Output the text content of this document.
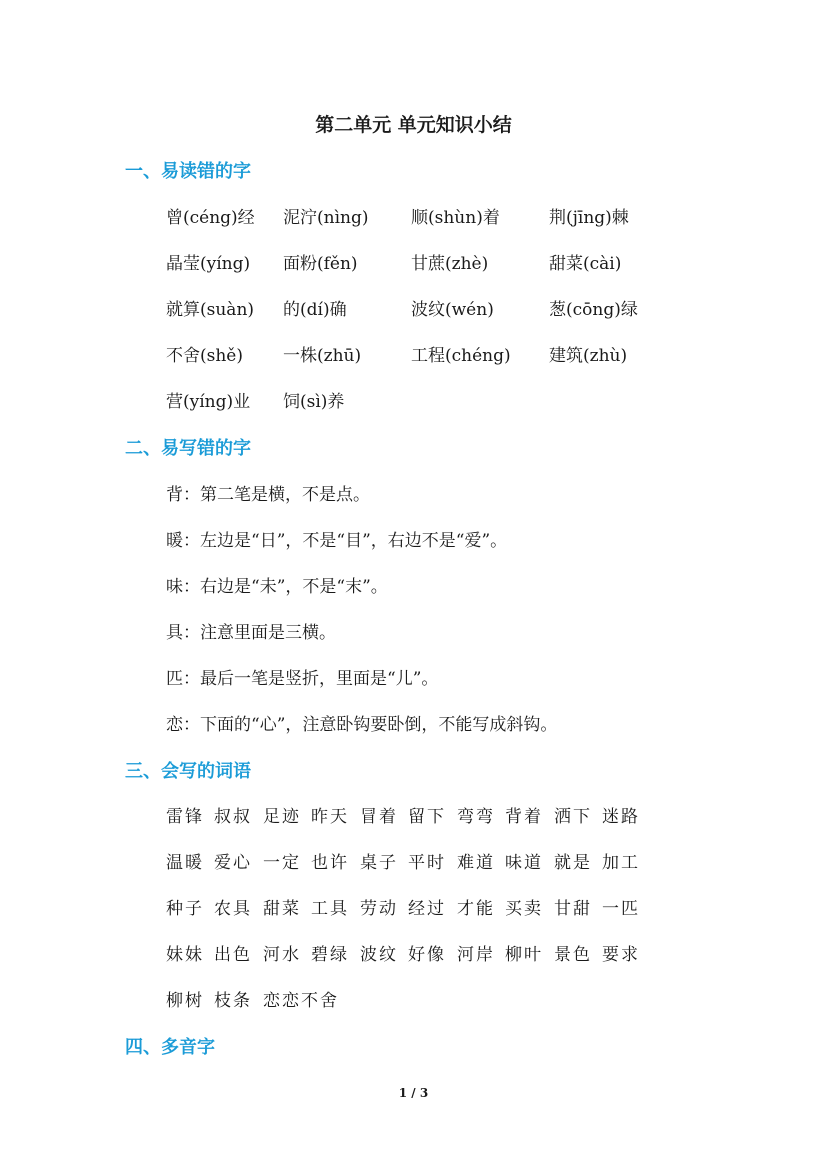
第二单元 单元知识小结
一、易读错的字
曾(céng)经 泥泞(nìng)	顺(shùn)着	荆(jīng)棘
晶莹(yíng) 面粉(fěn)	甘蔗(zhè)	甜菜(cài)
就算(suàn) 的(dí)确	波纹(wén)	葱(cōng)绿
不舍(shě) 一株(zhū)	工程(chéng) 建筑(zhù)
营(yíng)业 饲(sì)养
二、易写错的字
背：第二笔是横，不是点。
暖：左边是“日”，不是“目”，右边不是“爱”。
味：右边是“未”，不是“末”。
具：注意里面是三横。
匹：最后一笔是竖折，里面是“儿”。
恋：下面的“心”，注意卧钩要卧倒，不能写成斜钩。
三、会写的词语
雷锋 叔叔 足迹 昨天 冒着 留下 弯弯 背着 洒下 迷路
温暖 爱心 一定 也许 桌子 平时 难道 味道 就是 加工
种子 农具 甜菜 工具 劳动 经过 才能 买卖 甘甜 一匹
妹妹 出色 河水 碧绿 波纹 好像 河岸 柳叶 景色 要求
柳树 枝条 恋恋不舍
四、多音字
1 / 3
